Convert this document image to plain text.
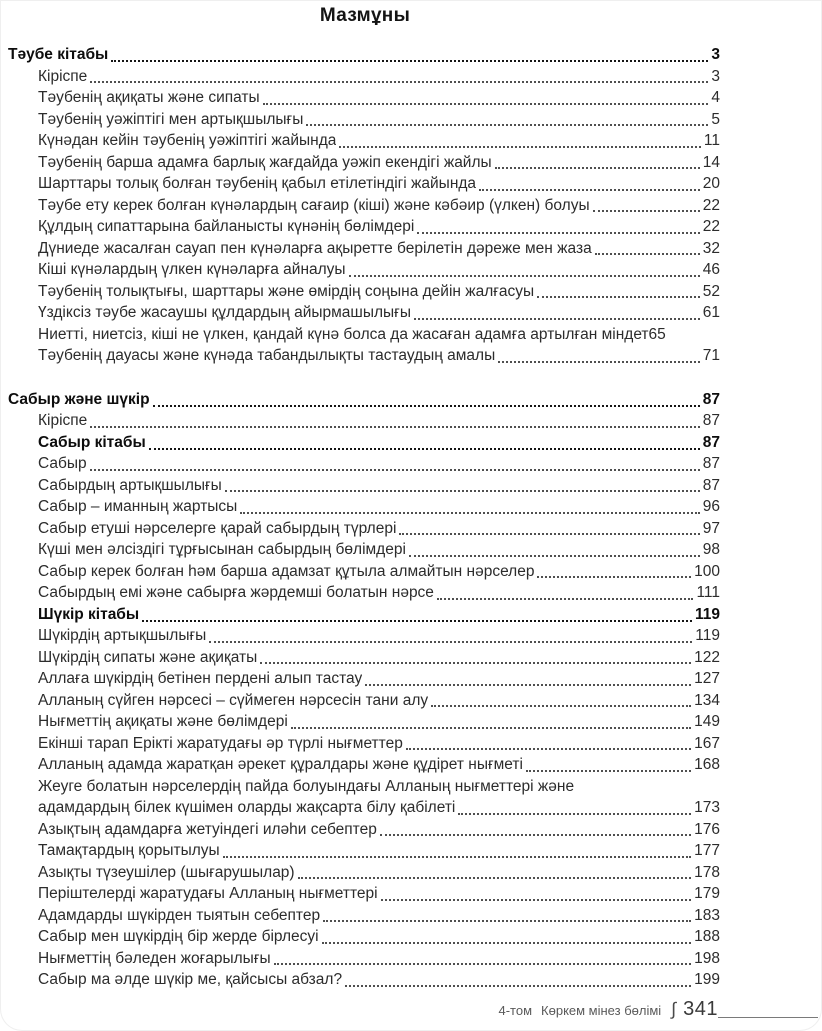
Мазмұны
Тәубе кітабы	3
Кіріспе	3
Тәубенің ақиқаты және сипаты	4
Тәубенің уәжіптігі мен артықшылығы	5
Күнәдан кейін тәубенің уәжіптігі жайында	11
Тәубенің барша адамға барлық жағдайда уәжіп екендігі жайлы	14
Шарттары толық болған тәубенің қабыл етілетіндігі жайында	20
Тәубе ету керек болған күнәлардың сағаир (кіші) және кәбәир (үлкен) болуы	22
Құлдың сипаттарына байланысты күнәнің бөлімдері	22
Дүниеде жасалған сауап пен күнәларға ақыретте берілетін дәреже мен жаза	32
Кіші күнәлардың үлкен күнәларға айналуы	46
Тәубенің толықтығы, шарттары және өмірдің соңына дейін жалғасуы	52
Үздіксіз тәубе жасаушы құлдардың айырмашылығы	61
Ниетті, ниетсіз, кіші не үлкен, қандай күнә болса да жасаған адамға артылған міндет 65
Тәубенің дауасы және күнәда табандылықты тастаудың амалы	71
Сабыр және шүкір	87
Кіріспе	87
Сабыр кітабы	87
Сабыр	87
Сабырдың артықшылығы	87
Сабыр – иманның жартысы	96
Сабыр етуші нәрселерге қарай сабырдың түрлері	97
Күші мен әлсіздігі тұрғысынан сабырдың бөлімдері	98
Сабыр керек болған һәм барша адамзат құтыла алмайтын нәрселер	100
Сабырдың емі және сабырға жәрдемші болатын нәрсе	111
Шүкір кітабы	119
Шүкірдің артықшылығы	119
Шүкірдің сипаты және ақиқаты	122
Аллаға шүкірдің бетінен пердені алып тастау	127
Алланың сүйген нәрсесі – сүймеген нәрсесін тани алу	134
Нығметтің ақиқаты және бөлімдері	149
Екінші тарап Ерікті жаратудағы әр түрлі нығметтер	167
Алланың адамда жаратқан әрекет құралдары және құдірет нығметі	168
Жеуге болатын нәрселердің пайда болуындағы Алланың нығметтері және
адамдардың білек күшімен оларды жақсарта білу қабілеті	173
Азықтың адамдарға жетуіндегі иләһи себептер	176
Тамақтардың қорытылуы	177
Азықты түзеушілер (шығарушылар)	178
Періштелерді жаратудағы Алланың нығметтері	179
Адамдарды шүкірден тыятын себептер	183
Сабыр мен шүкірдің бір жерде бірлесуі	188
Нығметтің бәледен жоғарылығы	198
Сабыр ма әлде шүкір ме, қайсысы абзал?	199
4-том Көркем мінез бөлімі ∫ 341
